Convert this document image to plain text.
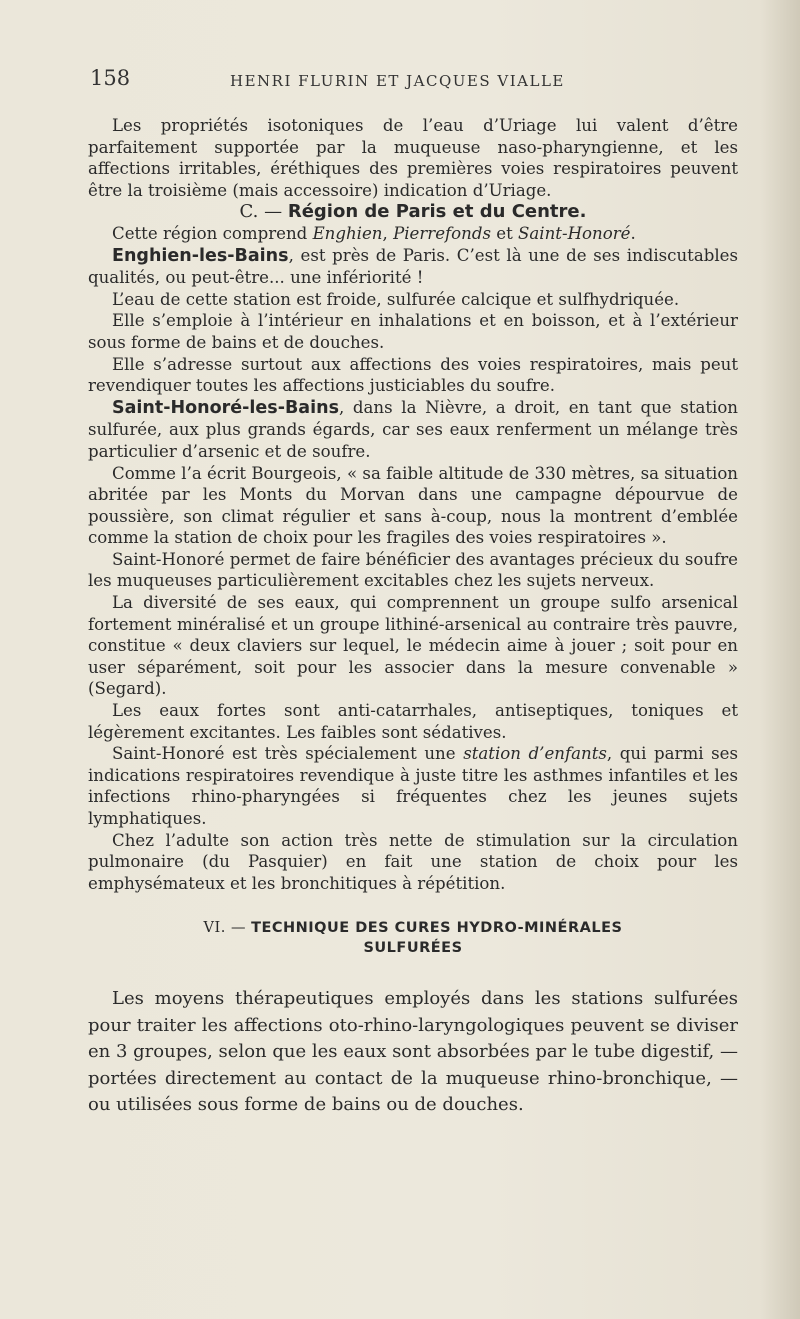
158	HENRI FLURIN ET JACQUES VIALLE

Les propriétés isotoniques de l’eau d’Uriage lui valent d’être parfaitement supportée par la muqueuse naso-pharyngienne, et les affections irritables, éréthiques des premières voies respiratoires peuvent être la troisième (mais accessoire) indication d’Uriage.

C. — Région de Paris et du Centre.

Cette région comprend Enghien, Pierrefonds et Saint-Honoré.

Enghien-les-Bains, est près de Paris. C’est là une de ses indiscutables qualités, ou peut-être... une infériorité !

L’eau de cette station est froide, sulfurée calcique et sulfhydriquée.

Elle s’emploie à l’intérieur en inhalations et en boisson, et à l’extérieur sous forme de bains et de douches.

Elle s’adresse surtout aux affections des voies respiratoires, mais peut revendiquer toutes les affections justiciables du soufre.

Saint-Honoré-les-Bains, dans la Nièvre, a droit, en tant que station sulfurée, aux plus grands égards, car ses eaux renferment un mélange très particulier d’arsenic et de soufre.

Comme l’a écrit Bourgeois, « sa faible altitude de 330 mètres, sa situation abritée par les Monts du Morvan dans une campagne dépourvue de poussière, son climat régulier et sans à-coup, nous la montrent d’emblée comme la station de choix pour les fragiles des voies respiratoires ».

Saint-Honoré permet de faire bénéficier des avantages précieux du soufre les muqueuses particulièrement excitables chez les sujets nerveux.

La diversité de ses eaux, qui comprennent un groupe sulfo arsenical fortement minéralisé et un groupe lithiné-arsenical au contraire très pauvre, constitue « deux claviers sur lequel, le médecin aime à jouer ; soit pour en user séparément, soit pour les associer dans la mesure convenable » (Segard).

Les eaux fortes sont anti-catarrhales, antiseptiques, toniques et légèrement excitantes. Les faibles sont sédatives.

Saint-Honoré est très spécialement une station d’enfants, qui parmi ses indications respiratoires revendique à juste titre les asthmes infantiles et les infections rhino-pharyngées si fréquentes chez les jeunes sujets lymphatiques.

Chez l’adulte son action très nette de stimulation sur la circulation pulmonaire (du Pasquier) en fait une station de choix pour les emphysémateux et les bronchitiques à répétition.

VI. — TECHNIQUE DES CURES HYDRO-MINÉRALES
SULFURÉES

Les moyens thérapeutiques employés dans les stations sulfurées pour traiter les affections oto-rhino-laryngologiques peuvent se diviser en 3 groupes, selon que les eaux sont absorbées par le tube digestif, — portées directement au contact de la muqueuse rhino-bronchique, — ou utilisées sous forme de bains ou de douches.
